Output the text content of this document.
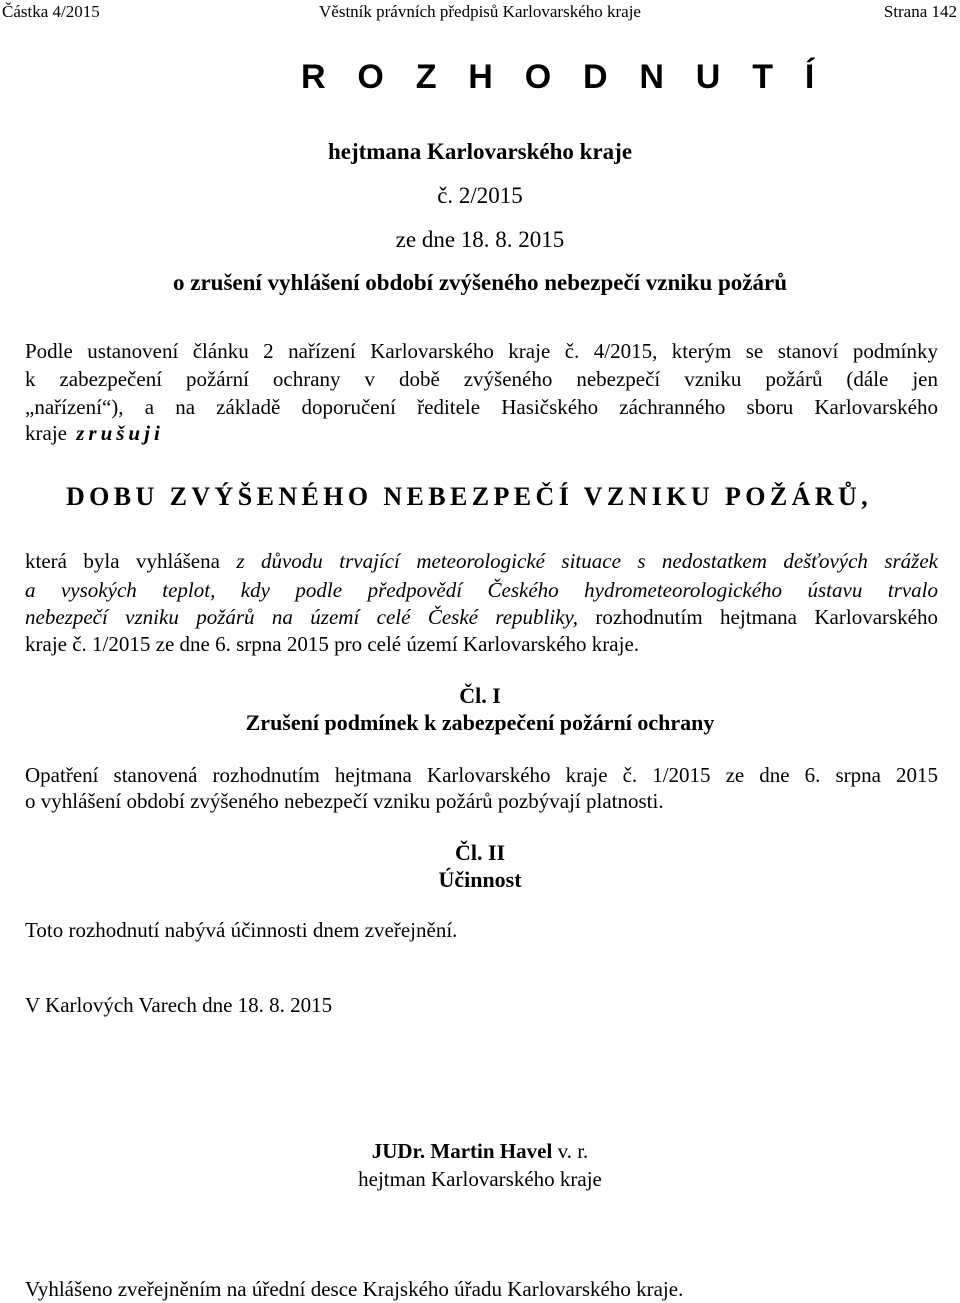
Částka 4/2015	Věstník právních předpisů Karlovarského kraje	Strana 142
R O Z H O D N U T Í
hejtmana Karlovarského kraje
č. 2/2015
ze dne 18. 8. 2015
o zrušení vyhlášení období zvýšeného nebezpečí vzniku požárů
Podle ustanovení článku 2 nařízení Karlovarského kraje č. 4/2015, kterým se stanoví podmínky
k zabezpečení požární ochrany v době zvýšeného nebezpečí vzniku požárů (dále jen
„nařízení“), a na základě doporučení ředitele Hasičského záchranného sboru Karlovarského
kraje zrušuji
DOBU ZVÝŠENÉHO NEBEZPEČÍ VZNIKU POŽÁRŮ,
která byla vyhlášena z důvodu trvající meteorologické situace s nedostatkem dešťových srážek
a vysokých teplot, kdy podle předpovědí Českého hydrometeorologického ústavu trvalo
nebezpečí vzniku požárů na území celé České republiky, rozhodnutím hejtmana Karlovarského
kraje č. 1/2015 ze dne 6. srpna 2015 pro celé území Karlovarského kraje.
Čl. I
Zrušení podmínek k zabezpečení požární ochrany
Opatření stanovená rozhodnutím hejtmana Karlovarského kraje č. 1/2015 ze dne 6. srpna 2015
o vyhlášení období zvýšeného nebezpečí vzniku požárů pozbývají platnosti.
Čl. II
Účinnost
Toto rozhodnutí nabývá účinnosti dnem zveřejnění.
V Karlových Varech dne 18. 8. 2015
JUDr. Martin Havel v. r.
hejtman Karlovarského kraje
Vyhlášeno zveřejněním na úřední desce Krajského úřadu Karlovarského kraje.
